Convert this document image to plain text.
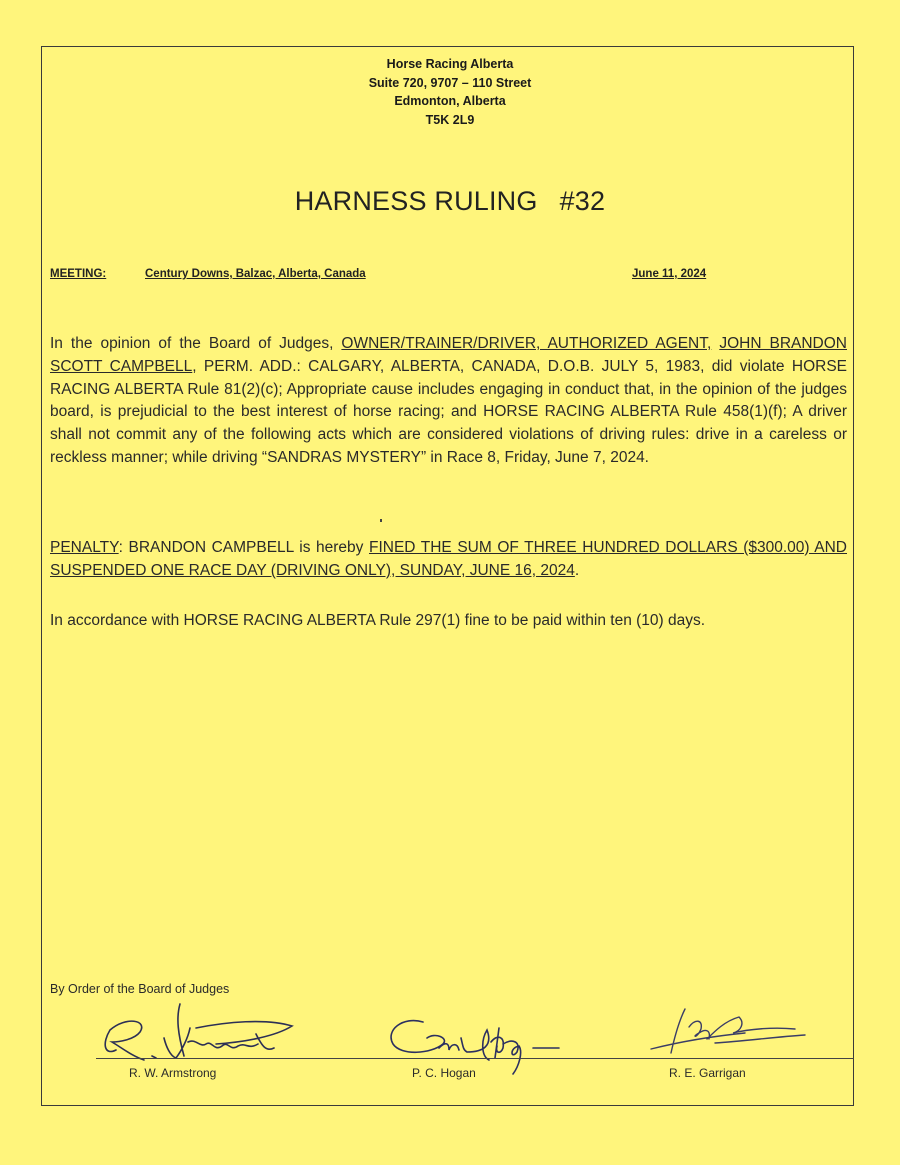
Horse Racing Alberta
Suite 720, 9707 – 110 Street
Edmonton, Alberta
T5K 2L9
HARNESS RULING #32
MEETING:	Century Downs, Balzac, Alberta, Canada	June 11, 2024
In the opinion of the Board of Judges, OWNER/TRAINER/DRIVER, AUTHORIZED AGENT, JOHN BRANDON SCOTT CAMPBELL, PERM. ADD.: CALGARY, ALBERTA, CANADA, D.O.B. JULY 5, 1983, did violate HORSE RACING ALBERTA Rule 81(2)(c); Appropriate cause includes engaging in conduct that, in the opinion of the judges board, is prejudicial to the best interest of horse racing; and HORSE RACING ALBERTA Rule 458(1)(f); A driver shall not commit any of the following acts which are considered violations of driving rules: drive in a careless or reckless manner; while driving “SANDRAS MYSTERY” in Race 8, Friday, June 7, 2024.
PENALTY: BRANDON CAMPBELL is hereby FINED THE SUM OF THREE HUNDRED DOLLARS ($300.00) AND SUSPENDED ONE RACE DAY (DRIVING ONLY), SUNDAY, JUNE 16, 2024.
In accordance with HORSE RACING ALBERTA Rule 297(1) fine to be paid within ten (10) days.
By Order of the Board of Judges
R. W. Armstrong	P. C. Hogan	R. E. Garrigan
